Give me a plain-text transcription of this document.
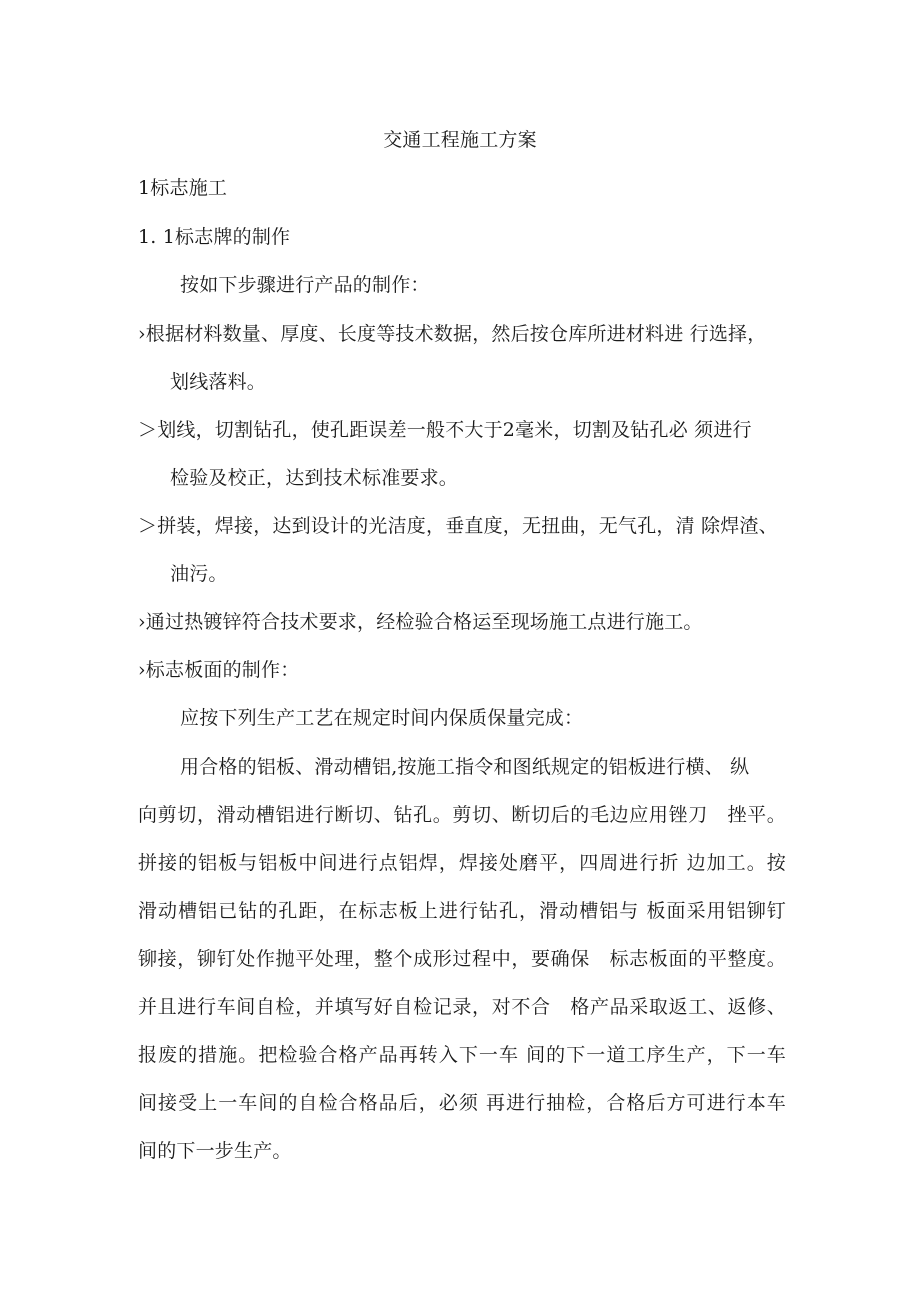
交通工程施工方案
1标志施工
1. 1标志牌的制作
按如下步骤进行产品的制作：
›根据材料数量、厚度、长度等技术数据，然后按仓库所进材料进 行选择，
划线落料。
＞划线，切割钻孔，使孔距误差一般不大于2毫米，切割及钻孔必 须进行
检验及校正，达到技术标准要求。
＞拼装，焊接，达到设计的光洁度，垂直度，无扭曲，无气孔，清 除焊渣、
油污。
›通过热镀锌符合技术要求，经检验合格运至现场施工点进行施工。
›标志板面的制作：
应按下列生产工艺在规定时间内保质保量完成：
用合格的铝板、滑动槽铝,按施工指令和图纸规定的铝板进行横、 纵
向剪切，滑动槽铝进行断切、钻孔。剪切、断切后的毛边应用锉刀　挫平。
拼接的铝板与铝板中间进行点铝焊，焊接处磨平，四周进行折 边加工。按
滑动槽铝已钻的孔距，在标志板上进行钻孔，滑动槽铝与 板面采用铝铆钉
铆接，铆钉处作抛平处理，整个成形过程中，要确保　标志板面的平整度。
并且进行车间自检，并填写好自检记录，对不合　格产品采取返工、返修、
报废的措施。把检验合格产品再转入下一车 间的下一道工序生产，下一车
间接受上一车间的自检合格品后，必须 再进行抽检，合格后方可进行本车
间的下一步生产。
